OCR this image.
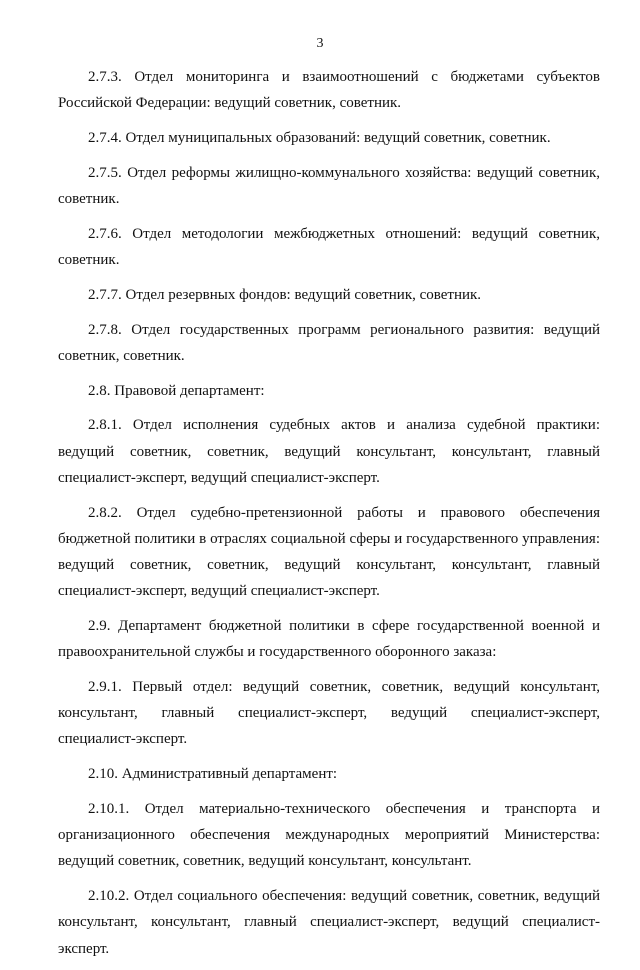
3

2.7.3. Отдел мониторинга и взаимоотношений с бюджетами субъектов Российской Федерации: ведущий советник, советник.

2.7.4. Отдел муниципальных образований: ведущий советник, советник.

2.7.5. Отдел реформы жилищно-коммунального хозяйства: ведущий советник, советник.

2.7.6. Отдел методологии межбюджетных отношений: ведущий советник, советник.

2.7.7. Отдел резервных фондов: ведущий советник, советник.

2.7.8. Отдел государственных программ регионального развития: ведущий советник, советник.

2.8. Правовой департамент:

2.8.1. Отдел исполнения судебных актов и анализа судебной практики: ведущий советник, советник, ведущий консультант, консультант, главный специалист-эксперт, ведущий специалист-эксперт.

2.8.2. Отдел судебно-претензионной работы и правового обеспечения бюджетной политики в отраслях социальной сферы и государственного управления: ведущий советник, советник, ведущий консультант, консультант, главный специалист-эксперт, ведущий специалист-эксперт.

2.9. Департамент бюджетной политики в сфере государственной военной и правоохранительной службы и государственного оборонного заказа:

2.9.1. Первый отдел: ведущий советник, советник, ведущий консультант, консультант, главный специалист-эксперт, ведущий специалист-эксперт, специалист-эксперт.

2.10. Административный департамент:

2.10.1. Отдел материально-технического обеспечения и транспорта и организационного обеспечения международных мероприятий Министерства: ведущий советник, советник, ведущий консультант, консультант.

2.10.2. Отдел социального обеспечения: ведущий советник, советник, ведущий консультант, консультант, главный специалист-эксперт, ведущий специалист-эксперт.
